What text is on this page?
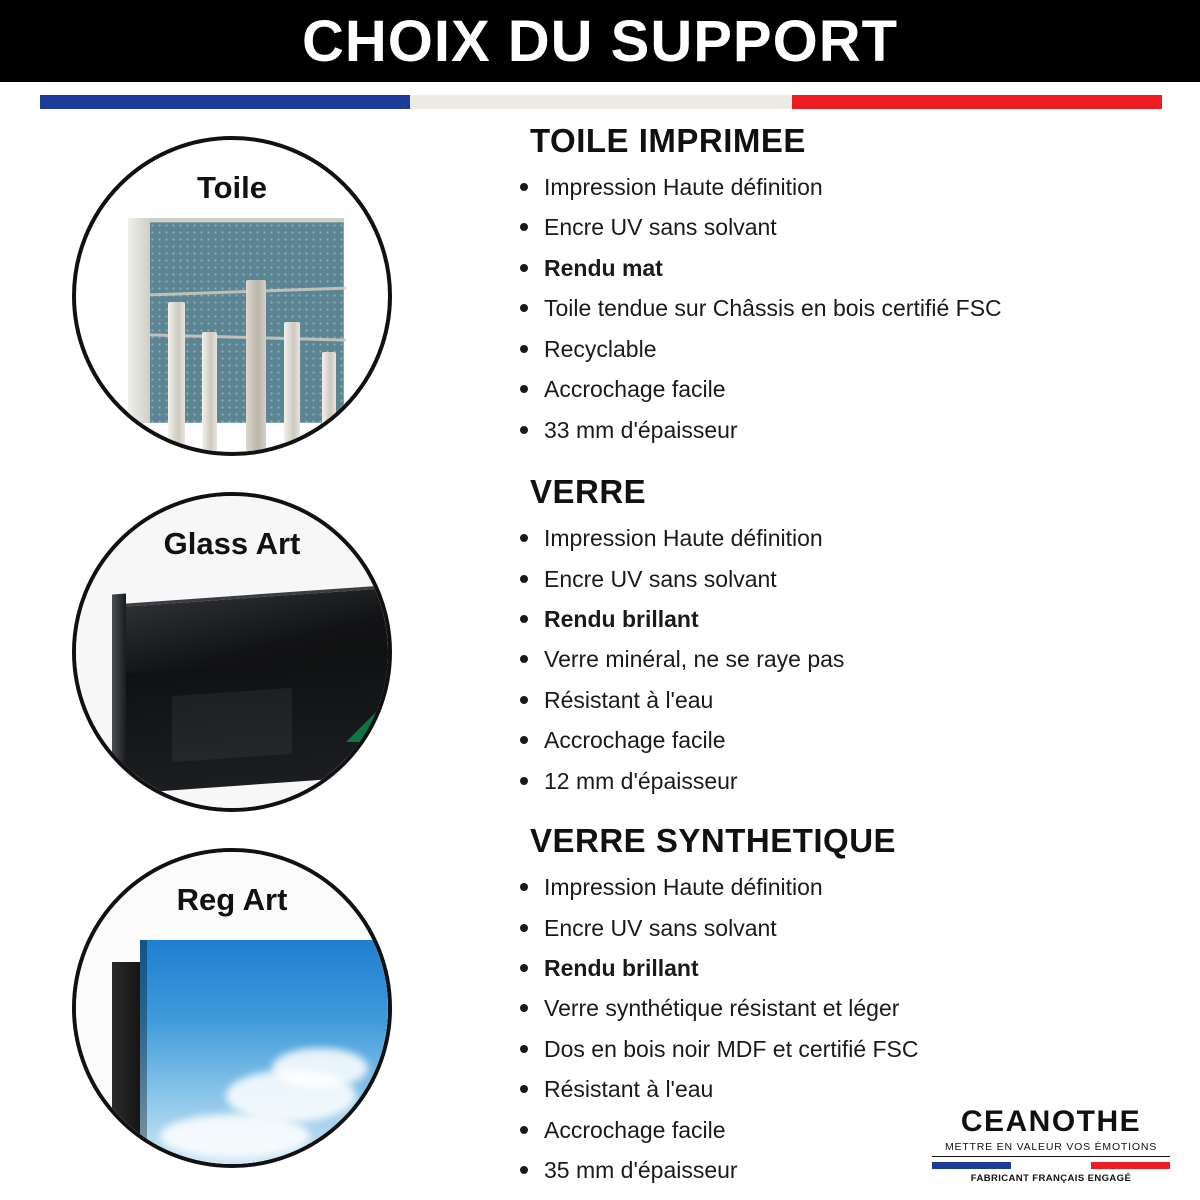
CHOIX DU SUPPORT
Toile
Glass Art
Reg Art
TOILE IMPRIMEE
Impression Haute définition
Encre UV sans solvant
Rendu mat
Toile tendue sur Châssis en bois certifié FSC
Recyclable
Accrochage facile
33 mm d'épaisseur
VERRE
Impression Haute définition
Encre UV sans solvant
Rendu brillant
Verre minéral, ne se raye pas
Résistant à l'eau
Accrochage facile
12 mm d'épaisseur
VERRE SYNTHETIQUE
Impression Haute définition
Encre UV sans solvant
Rendu brillant
Verre synthétique résistant et léger
Dos en bois noir MDF et certifié FSC
Résistant à l'eau
Accrochage facile
35 mm d'épaisseur
CEANOTHE
METTRE EN VALEUR VOS ÉMOTIONS
FABRICANT FRANÇAIS ENGAGÉ
